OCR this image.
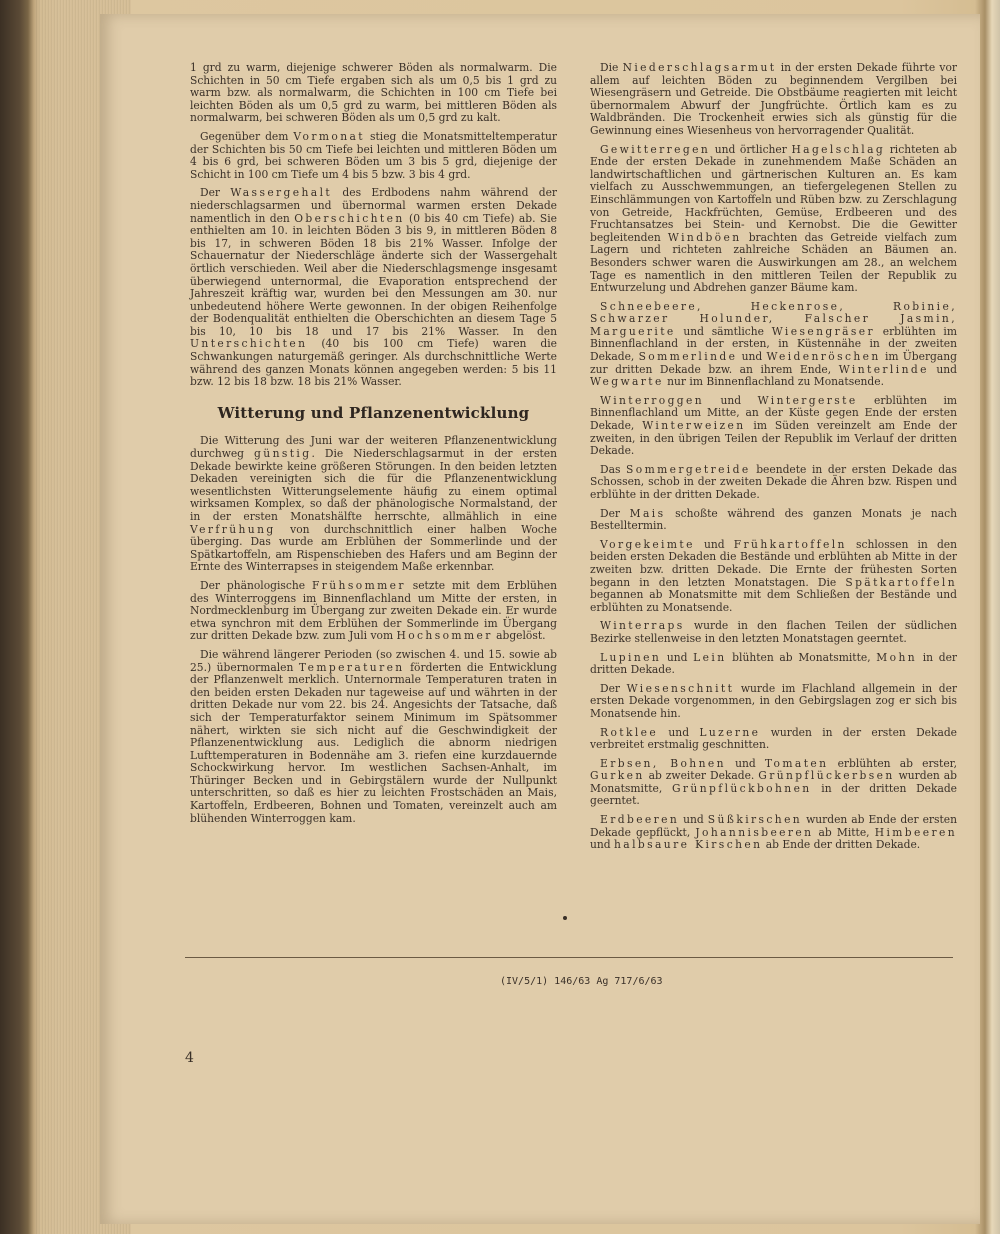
1 grd zu warm, diejenige schwerer Böden als normalwarm. Die Schichten in 50 cm Tiefe ergaben sich als um 0,5 bis 1 grd zu warm bzw. als normalwarm, die Schichten in 100 cm Tiefe bei leichten Böden als um 0,5 grd zu warm, bei mittleren Böden als normalwarm, bei schweren Böden als um 0,5 grd zu kalt.

Gegenüber dem Vormonat stieg die Monatsmitteltemperatur der Schichten bis 50 cm Tiefe bei leichten und mittleren Böden um 4 bis 6 grd, bei schweren Böden um 3 bis 5 grd, diejenige der Schicht in 100 cm Tiefe um 4 bis 5 bzw. 3 bis 4 grd.

Der Wassergehalt des Erdbodens nahm während der niederschlagsarmen und übernormal warmen ersten Dekade namentlich in den Oberschichten (0 bis 40 cm Tiefe) ab. Sie enthielten am 10. in leichten Böden 3 bis 9, in mittleren Böden 8 bis 17, in schweren Böden 18 bis 21% Wasser. Infolge der Schauernatur der Niederschläge änderte sich der Wassergehalt örtlich verschieden. Weil aber die Niederschlagsmenge insgesamt überwiegend unternormal, die Evaporation entsprechend der Jahreszeit kräftig war, wurden bei den Messungen am 30. nur unbedeutend höhere Werte gewonnen. In der obigen Reihenfolge der Bodenqualität enthielten die Oberschichten an diesem Tage 5 bis 10, 10 bis 18 und 17 bis 21% Wasser. In den Unterschichten (40 bis 100 cm Tiefe) waren die Schwankungen naturgemäß geringer. Als durchschnittliche Werte während des ganzen Monats können angegeben werden: 5 bis 11 bzw. 12 bis 18 bzw. 18 bis 21% Wasser.

Witterung und Pflanzenentwicklung

Die Witterung des Juni war der weiteren Pflanzenentwicklung durchweg günstig. Die Niederschlagsarmut in der ersten Dekade bewirkte keine größeren Störungen. In den beiden letzten Dekaden vereinigten sich die für die Pflanzenentwicklung wesentlichsten Witterungselemente häufig zu einem optimal wirksamen Komplex, so daß der phänologische Normalstand, der in der ersten Monatshälfte herrschte, allmählich in eine Verfrühung von durchschnittlich einer halben Woche überging. Das wurde am Erblühen der Sommerlinde und der Spätkartoffeln, am Rispenschieben des Hafers und am Beginn der Ernte des Winterrapses in steigendem Maße erkennbar.

Der phänologische Frühsommer setzte mit dem Erblühen des Winterroggens im Binnenflachland um Mitte der ersten, in Nordmecklenburg im Übergang zur zweiten Dekade ein. Er wurde etwa synchron mit dem Erblühen der Sommerlinde im Übergang zur dritten Dekade bzw. zum Juli vom Hochsommer abgelöst.

Die während längerer Perioden (so zwischen 4. und 15. sowie ab 25.) übernormalen Temperaturen förderten die Entwicklung der Pflanzenwelt merklich. Unternormale Temperaturen traten in den beiden ersten Dekaden nur tageweise auf und währten in der dritten Dekade nur vom 22. bis 24. Angesichts der Tatsache, daß sich der Temperaturfaktor seinem Minimum im Spätsommer nähert, wirkten sie sich nicht auf die Geschwindigkeit der Pflanzenentwicklung aus. Lediglich die abnorm niedrigen Lufttemperaturen in Bodennähe am 3. riefen eine kurzdauernde Schockwirkung hervor. Im westlichen Sachsen-Anhalt, im Thüringer Becken und in Gebirgstälern wurde der Nullpunkt unterschritten, so daß es hier zu leichten Frostschäden an Mais, Kartoffeln, Erdbeeren, Bohnen und Tomaten, vereinzelt auch am blühenden Winterroggen kam.

Die Niederschlagsarmut in der ersten Dekade führte vor allem auf leichten Böden zu beginnendem Vergilben bei Wiesengräsern und Getreide. Die Obstbäume reagierten mit leicht übernormalem Abwurf der Jungfrüchte. Örtlich kam es zu Waldbränden. Die Trockenheit erwies sich als günstig für die Gewinnung eines Wiesenheus von hervorragender Qualität.

Gewitterregen und örtlicher Hagelschlag richteten ab Ende der ersten Dekade in zunehmendem Maße Schäden an landwirtschaftlichen und gärtnerischen Kulturen an. Es kam vielfach zu Ausschwemmungen, an tiefergelegenen Stellen zu Einschlämmungen von Kartoffeln und Rüben bzw. zu Zerschlagung von Getreide, Hackfrüchten, Gemüse, Erdbeeren und des Fruchtansatzes bei Stein- und Kernobst. Die die Gewitter begleitenden Windböen brachten das Getreide vielfach zum Lagern und richteten zahlreiche Schäden an Bäumen an. Besonders schwer waren die Auswirkungen am 28., an welchem Tage es namentlich in den mittleren Teilen der Republik zu Entwurzelung und Abdrehen ganzer Bäume kam.

Schneebeere, Heckenrose, Robinie, Schwarzer Holunder, Falscher Jasmin, Marguerite und sämtliche Wiesengräser erblühten im Binnenflachland in der ersten, in Küstennähe in der zweiten Dekade, Sommerlinde und Weidenröschen im Übergang zur dritten Dekade bzw. an ihrem Ende, Winterlinde und Wegwarte nur im Binnenflachland zu Monatsende.

Winterroggen und Wintergerste erblühten im Binnenflachland um Mitte, an der Küste gegen Ende der ersten Dekade, Winterweizen im Süden vereinzelt am Ende der zweiten, in den übrigen Teilen der Republik im Verlauf der dritten Dekade.

Das Sommergetreide beendete in der ersten Dekade das Schossen, schob in der zweiten Dekade die Ähren bzw. Rispen und erblühte in der dritten Dekade.

Der Mais schoßte während des ganzen Monats je nach Bestelltermin.

Vorgekeimte und Frühkartoffeln schlossen in den beiden ersten Dekaden die Bestände und erblühten ab Mitte in der zweiten bzw. dritten Dekade. Die Ernte der frühesten Sorten begann in den letzten Monatstagen. Die Spätkartoffeln begannen ab Monatsmitte mit dem Schließen der Bestände und erblühten zu Monatsende.

Winterraps wurde in den flachen Teilen der südlichen Bezirke stellenweise in den letzten Monatstagen geerntet.

Lupinen und Lein blühten ab Monatsmitte, Mohn in der dritten Dekade.

Der Wiesenschnitt wurde im Flachland allgemein in der ersten Dekade vorgenommen, in den Gebirgslagen zog er sich bis Monatsende hin.

Rotklee und Luzerne wurden in der ersten Dekade verbreitet erstmalig geschnitten.

Erbsen, Bohnen und Tomaten erblühten ab erster, Gurken ab zweiter Dekade. Grünpflückerbsen wurden ab Monatsmitte, Grünpflückbohnen in der dritten Dekade geerntet.

Erdbeeren und Süßkirschen wurden ab Ende der ersten Dekade gepflückt, Johannisbeeren ab Mitte, Himbeeren und halbsaure Kirschen ab Ende der dritten Dekade.

(IV/5/1) 146/63 Ag 717/6/63
4
